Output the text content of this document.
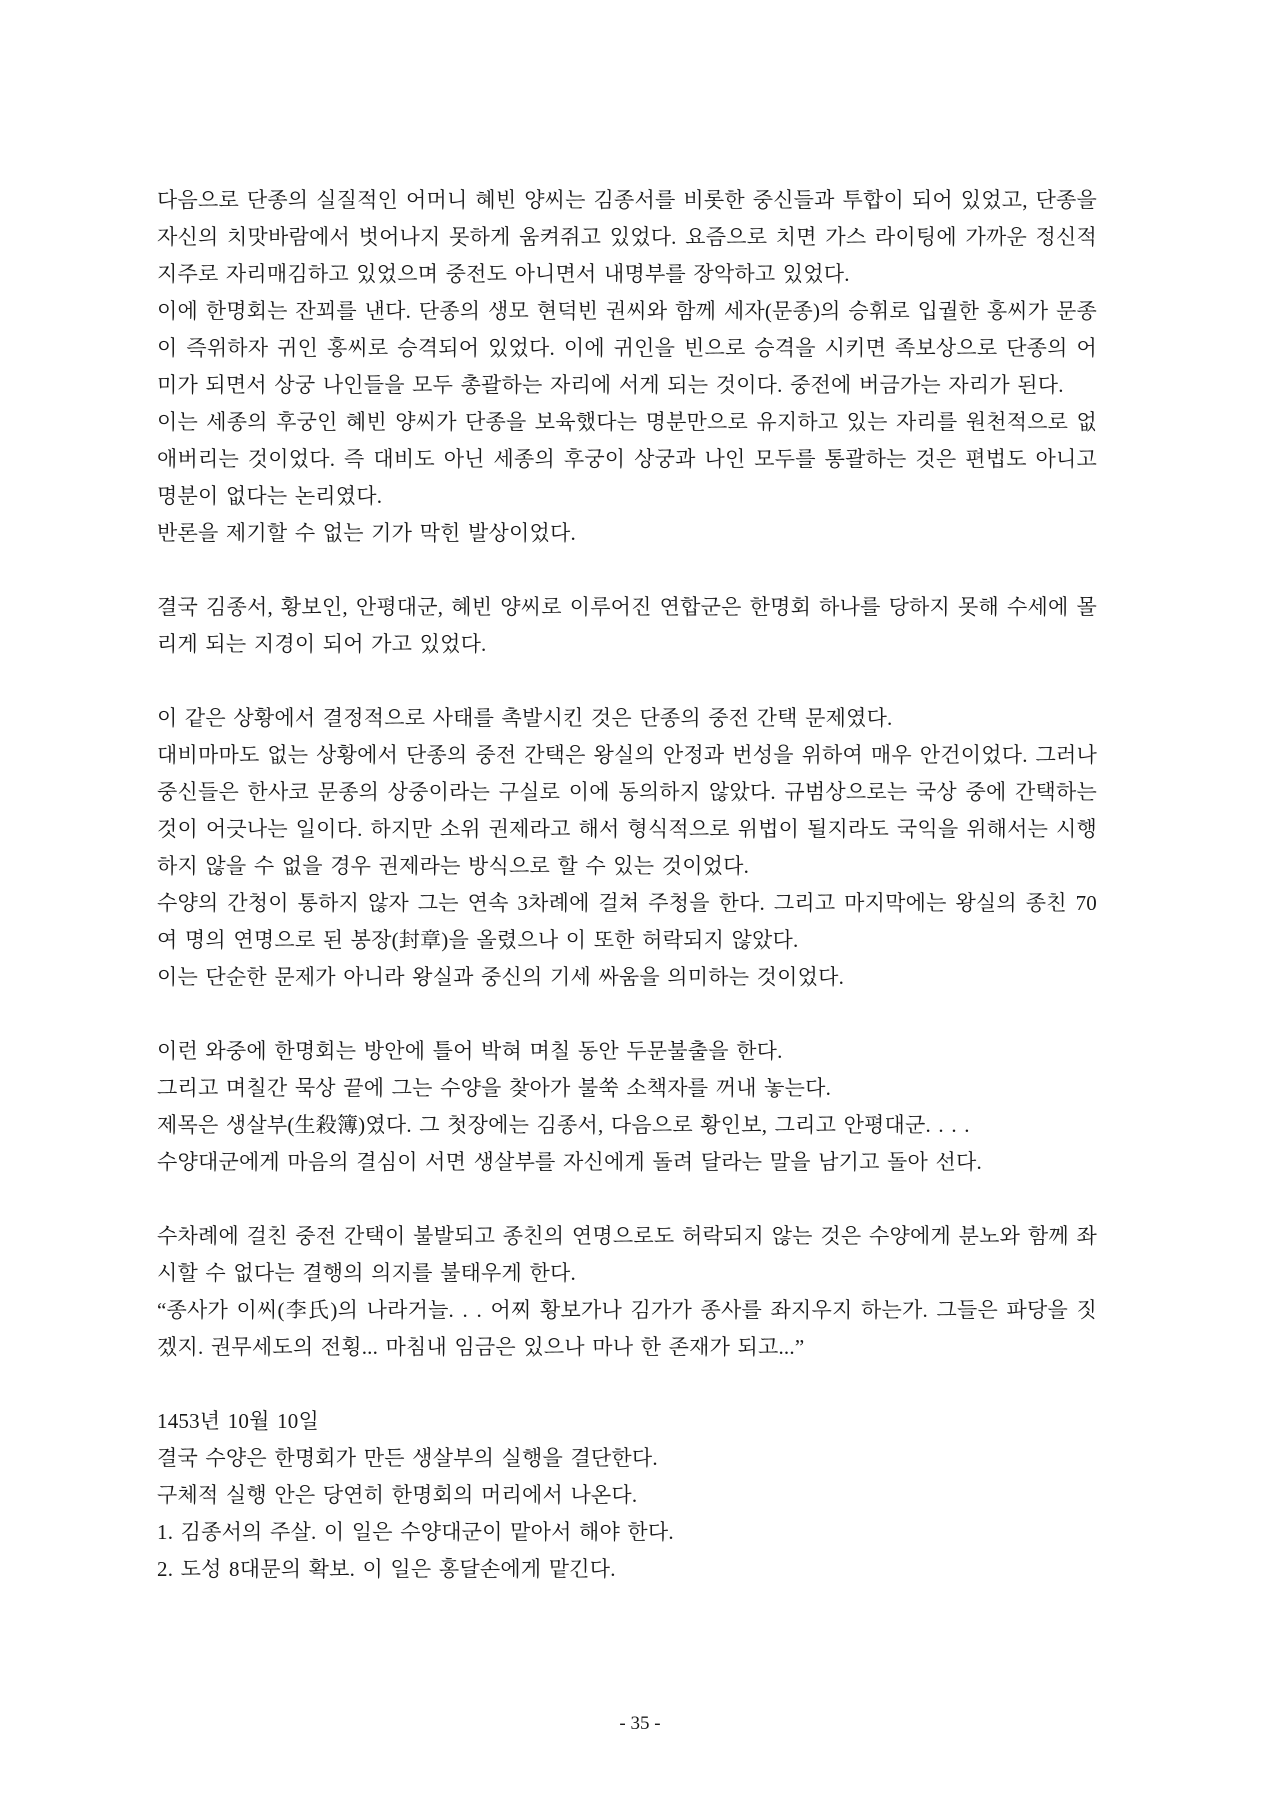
다음으로 단종의 실질적인 어머니 혜빈 양씨는 김종서를 비롯한 중신들과 투합이 되어 있었고, 단종을 자신의 치맛바람에서 벗어나지 못하게 움켜쥐고 있었다. 요즘으로 치면 가스 라이팅에 가까운 정신적 지주로 자리매김하고 있었으며 중전도 아니면서 내명부를 장악하고 있었다.

이에 한명회는 잔꾀를 낸다. 단종의 생모 현덕빈 권씨와 함께 세자(문종)의 승휘로 입궐한 홍씨가 문종이 즉위하자 귀인 홍씨로 승격되어 있었다. 이에 귀인을 빈으로 승격을 시키면 족보상으로 단종의 어미가 되면서 상궁 나인들을 모두 총괄하는 자리에 서게 되는 것이다. 중전에 버금가는 자리가 된다.

이는 세종의 후궁인 혜빈 양씨가 단종을 보육했다는 명분만으로 유지하고 있는 자리를 원천적으로 없애버리는 것이었다. 즉 대비도 아닌 세종의 후궁이 상궁과 나인 모두를 통괄하는 것은 편법도 아니고 명분이 없다는 논리였다.

반론을 제기할 수 없는 기가 막힌 발상이었다.

결국 김종서, 황보인, 안평대군, 혜빈 양씨로 이루어진 연합군은 한명회 하나를 당하지 못해 수세에 몰리게 되는 지경이 되어 가고 있었다.

이 같은 상황에서 결정적으로 사태를 촉발시킨 것은 단종의 중전 간택 문제였다.

대비마마도 없는 상황에서 단종의 중전 간택은 왕실의 안정과 번성을 위하여 매우 안건이었다. 그러나 중신들은 한사코 문종의 상중이라는 구실로 이에 동의하지 않았다. 규범상으로는 국상 중에 간택하는 것이 어긋나는 일이다. 하지만 소위 권제라고 해서 형식적으로 위법이 될지라도 국익을 위해서는 시행하지 않을 수 없을 경우 권제라는 방식으로 할 수 있는 것이었다.

수양의 간청이 통하지 않자 그는 연속 3차례에 걸쳐 주청을 한다. 그리고 마지막에는 왕실의 종친 70여 명의 연명으로 된 봉장(封章)을 올렸으나 이 또한 허락되지 않았다.

이는 단순한 문제가 아니라 왕실과 중신의 기세 싸움을 의미하는 것이었다.

이런 와중에 한명회는 방안에 틀어 박혀 며칠 동안 두문불출을 한다.

그리고 며칠간 묵상 끝에 그는 수양을 찾아가 불쑥 소책자를 꺼내 놓는다.

제목은 생살부(生殺簿)였다. 그 첫장에는 김종서, 다음으로 황인보, 그리고 안평대군. . . .

수양대군에게 마음의 결심이 서면 생살부를 자신에게 돌려 달라는 말을 남기고 돌아 선다.

수차례에 걸친 중전 간택이 불발되고 종친의 연명으로도 허락되지 않는 것은 수양에게 분노와 함께 좌시할 수 없다는 결행의 의지를 불태우게 한다.

“종사가 이씨(李氏)의 나라거늘. . . 어찌 황보가나 김가가 종사를 좌지우지 하는가. 그들은 파당을 짓겠지. 권무세도의 전횡... 마침내 임금은 있으나 마나 한 존재가 되고...”

1453년 10월 10일

결국 수양은 한명회가 만든 생살부의 실행을 결단한다.

구체적 실행 안은 당연히 한명회의 머리에서 나온다.

1. 김종서의 주살. 이 일은 수양대군이 맡아서 해야 한다.

2. 도성 8대문의 확보. 이 일은 홍달손에게 맡긴다.

- 35 -
